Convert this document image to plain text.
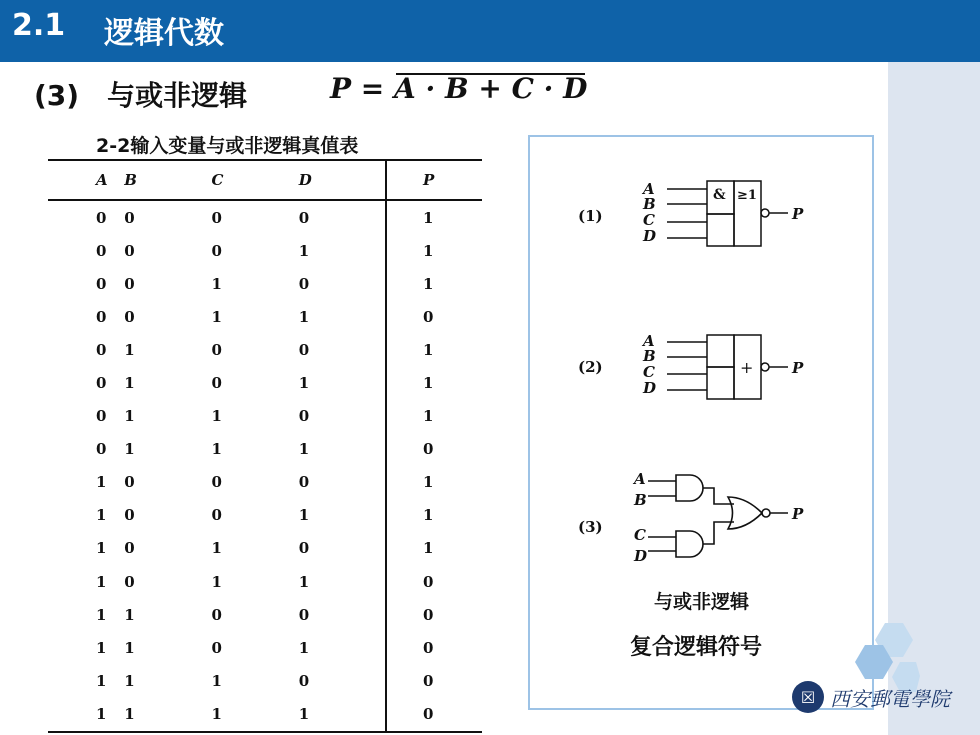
2.1 逻辑代数
(3) 与或非逻辑	P = A · B + C · D
2-2输入变量与或非逻辑真值表
A	B	C	D	P
0	0	0	0	1
0	0	0	1	1
0	0	1	0	1
0	0	1	1	0
0	1	0	0	1
0	1	0	1	1
0	1	1	0	1
0	1	1	1	0
1	0	0	0	1
1	0	0	1	1
1	0	1	0	1
1	0	1	1	0
1	1	0	0	0
1	1	0	1	0
1	1	1	0	0
1	1	1	1	0
(1)
A
B
C
D
& ≥1
P
(2)
A
B
C
D
+	P
(3)
A
B
C
D
P
与或非逻辑
复合逻辑符号
☒ 西安郵電學院
